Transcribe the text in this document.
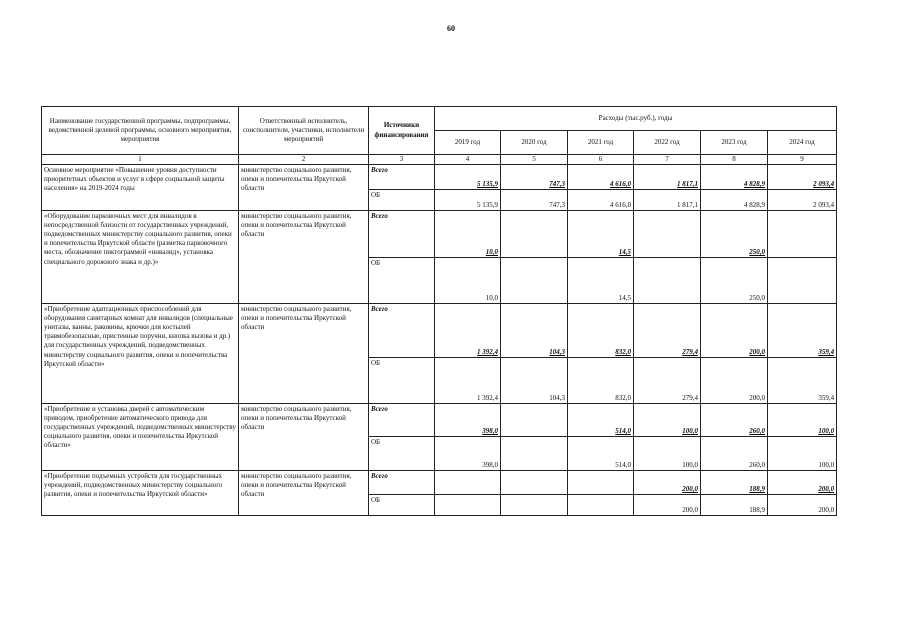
60
Наименование государственной программы, подпрограммы, ведомственной целевой программы, основного мероприятия, мероприятия	Ответственный исполнитель, соисполнители, участники, исполнители мероприятий	Источники финансирования	Расходы (тыс.руб.), годы					
			2019 год	2020 год	2021 год	2022 год	2023 год	2024 год
1	2	3	4	5	6	7	8	9
Основное мероприятие «Повышение уровня доступности приоритетных объектов и услуг в сфере социальной защиты населения» на 2019-2024 годы	министерство социального развития, опеки и попечительства Иркутской области	Всего	5 135,9	747,3	4 616,0	1 817,1	4 828,9	2 093,4
		ОБ	5 135,9	747,3	4 616,0	1 817,1	4 828,9	2 093,4
«Оборудование парковочных мест для инвалидов в непосредственной близости от государственных учреждений, подведомственных министерству социального развития, опеки и попечительства Иркутской области (разметка парковочного места, обозначение пиктограммой «инвалид», установка специального дорожного знака и др.)»	министерство социального развития, опеки и попечительства Иркутской области	Всего	10,0		14,5		250,0	
		ОБ	10,0		14,5		250,0	
«Приобретение адаптационных приспособлений для оборудования санитарных комнат для инвалидов (специальные унитазы, ванны, раковины, крючки для костылей травмобезопасные, пристенные поручни, кнопка вызова и др.) для государственных учреждений, подведомственных министерству социального развития, опеки и попечительства Иркутской области»	министерство социального развития, опеки и попечительства Иркутской области	Всего	1 392,4	104,3	832,0	279,4	200,0	359,4
		ОБ	1 392,4	104,3	832,0	279,4	200,0	359,4
«Приобретение и установка дверей с автоматическим приводом, приобретение автоматического привода для государственных учреждений, подведомственных министерству социального развития, опеки и попечительства Иркутской области»	министерство социального развития, опеки и попечительства Иркутской области	Всего	398,0		514,0	100,0	260,0	100,0
		ОБ	398,0		514,0	100,0	260,0	100,0
«Приобретение подъемных устройств для государственных учреждений, подведомственных министерству социального развития, опеки и попечительства Иркутской области»	министерство социального развития, опеки и попечительства Иркутской области	Всего				200,0	188,9	200,0
		ОБ				200,0	188,9	200,0
